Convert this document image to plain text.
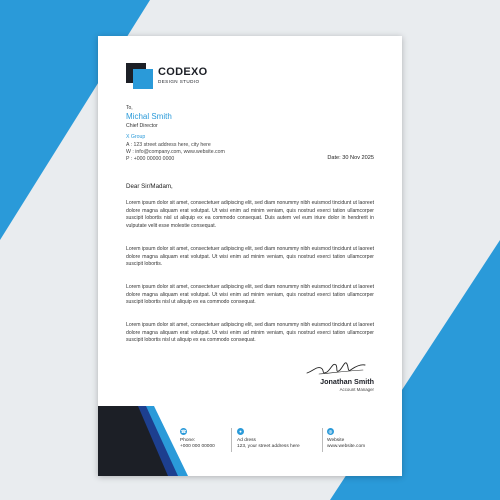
CODEXO
DESIGN STUDIO
To,
Michal Smith
Chief Director
X Group
A : 123 street address here, city here
W : info@company.com, www.website.com
P : +000 00000 0000	Date: 30 Nov 2025
Dear Sir/Madam,

Lorem ipsum dolor sit amet, consectetuer adipiscing elit, sed diam nonummy nibh euismod tincidunt ut laoreet dolore magna aliquam erat volutpat. Ut wisi enim ad minim veniam, quis nostrud exerci tation ullamcorper suscipit lobortis nisl ut aliquip ex ea commodo consequat. Duis autem vel eum iriure dolor in hendrerit in vulputate velit esse molestie consequat.

Lorem ipsum dolor sit amet, consectetuer adipiscing elit, sed diam nonummy nibh euismod tincidunt ut laoreet dolore magna aliquam erat volutpat. Ut wisi enim ad minim veniam, quis nostrud exerci tation ullamcorper suscipit lobortis.

Lorem ipsum dolor sit amet, consectetuer adipiscing elit, sed diam nonummy nibh euismod tincidunt ut laoreet dolore magna aliquam erat volutpat. Ut wisi enim ad minim veniam, quis nostrud exerci tation ullamcorper suscipit lobortis nisl ut aliquip ex ea commodo consequat.

Lorem ipsum dolor sit amet, consectetuer adipiscing elit, sed diam nonummy nibh euismod tincidunt ut laoreet dolore magna aliquam erat volutpat. Ut wisi enim ad minim veniam, quis nostrud exerci tation ullamcorper suscipit lobortis nisl ut aliquip ex ea commodo consequat.

Jonathan Smith
Account Manager
☎
Phone:
+000 000 00000
●
Ad dress
123, your street address here
◍
Website
www.website.com
